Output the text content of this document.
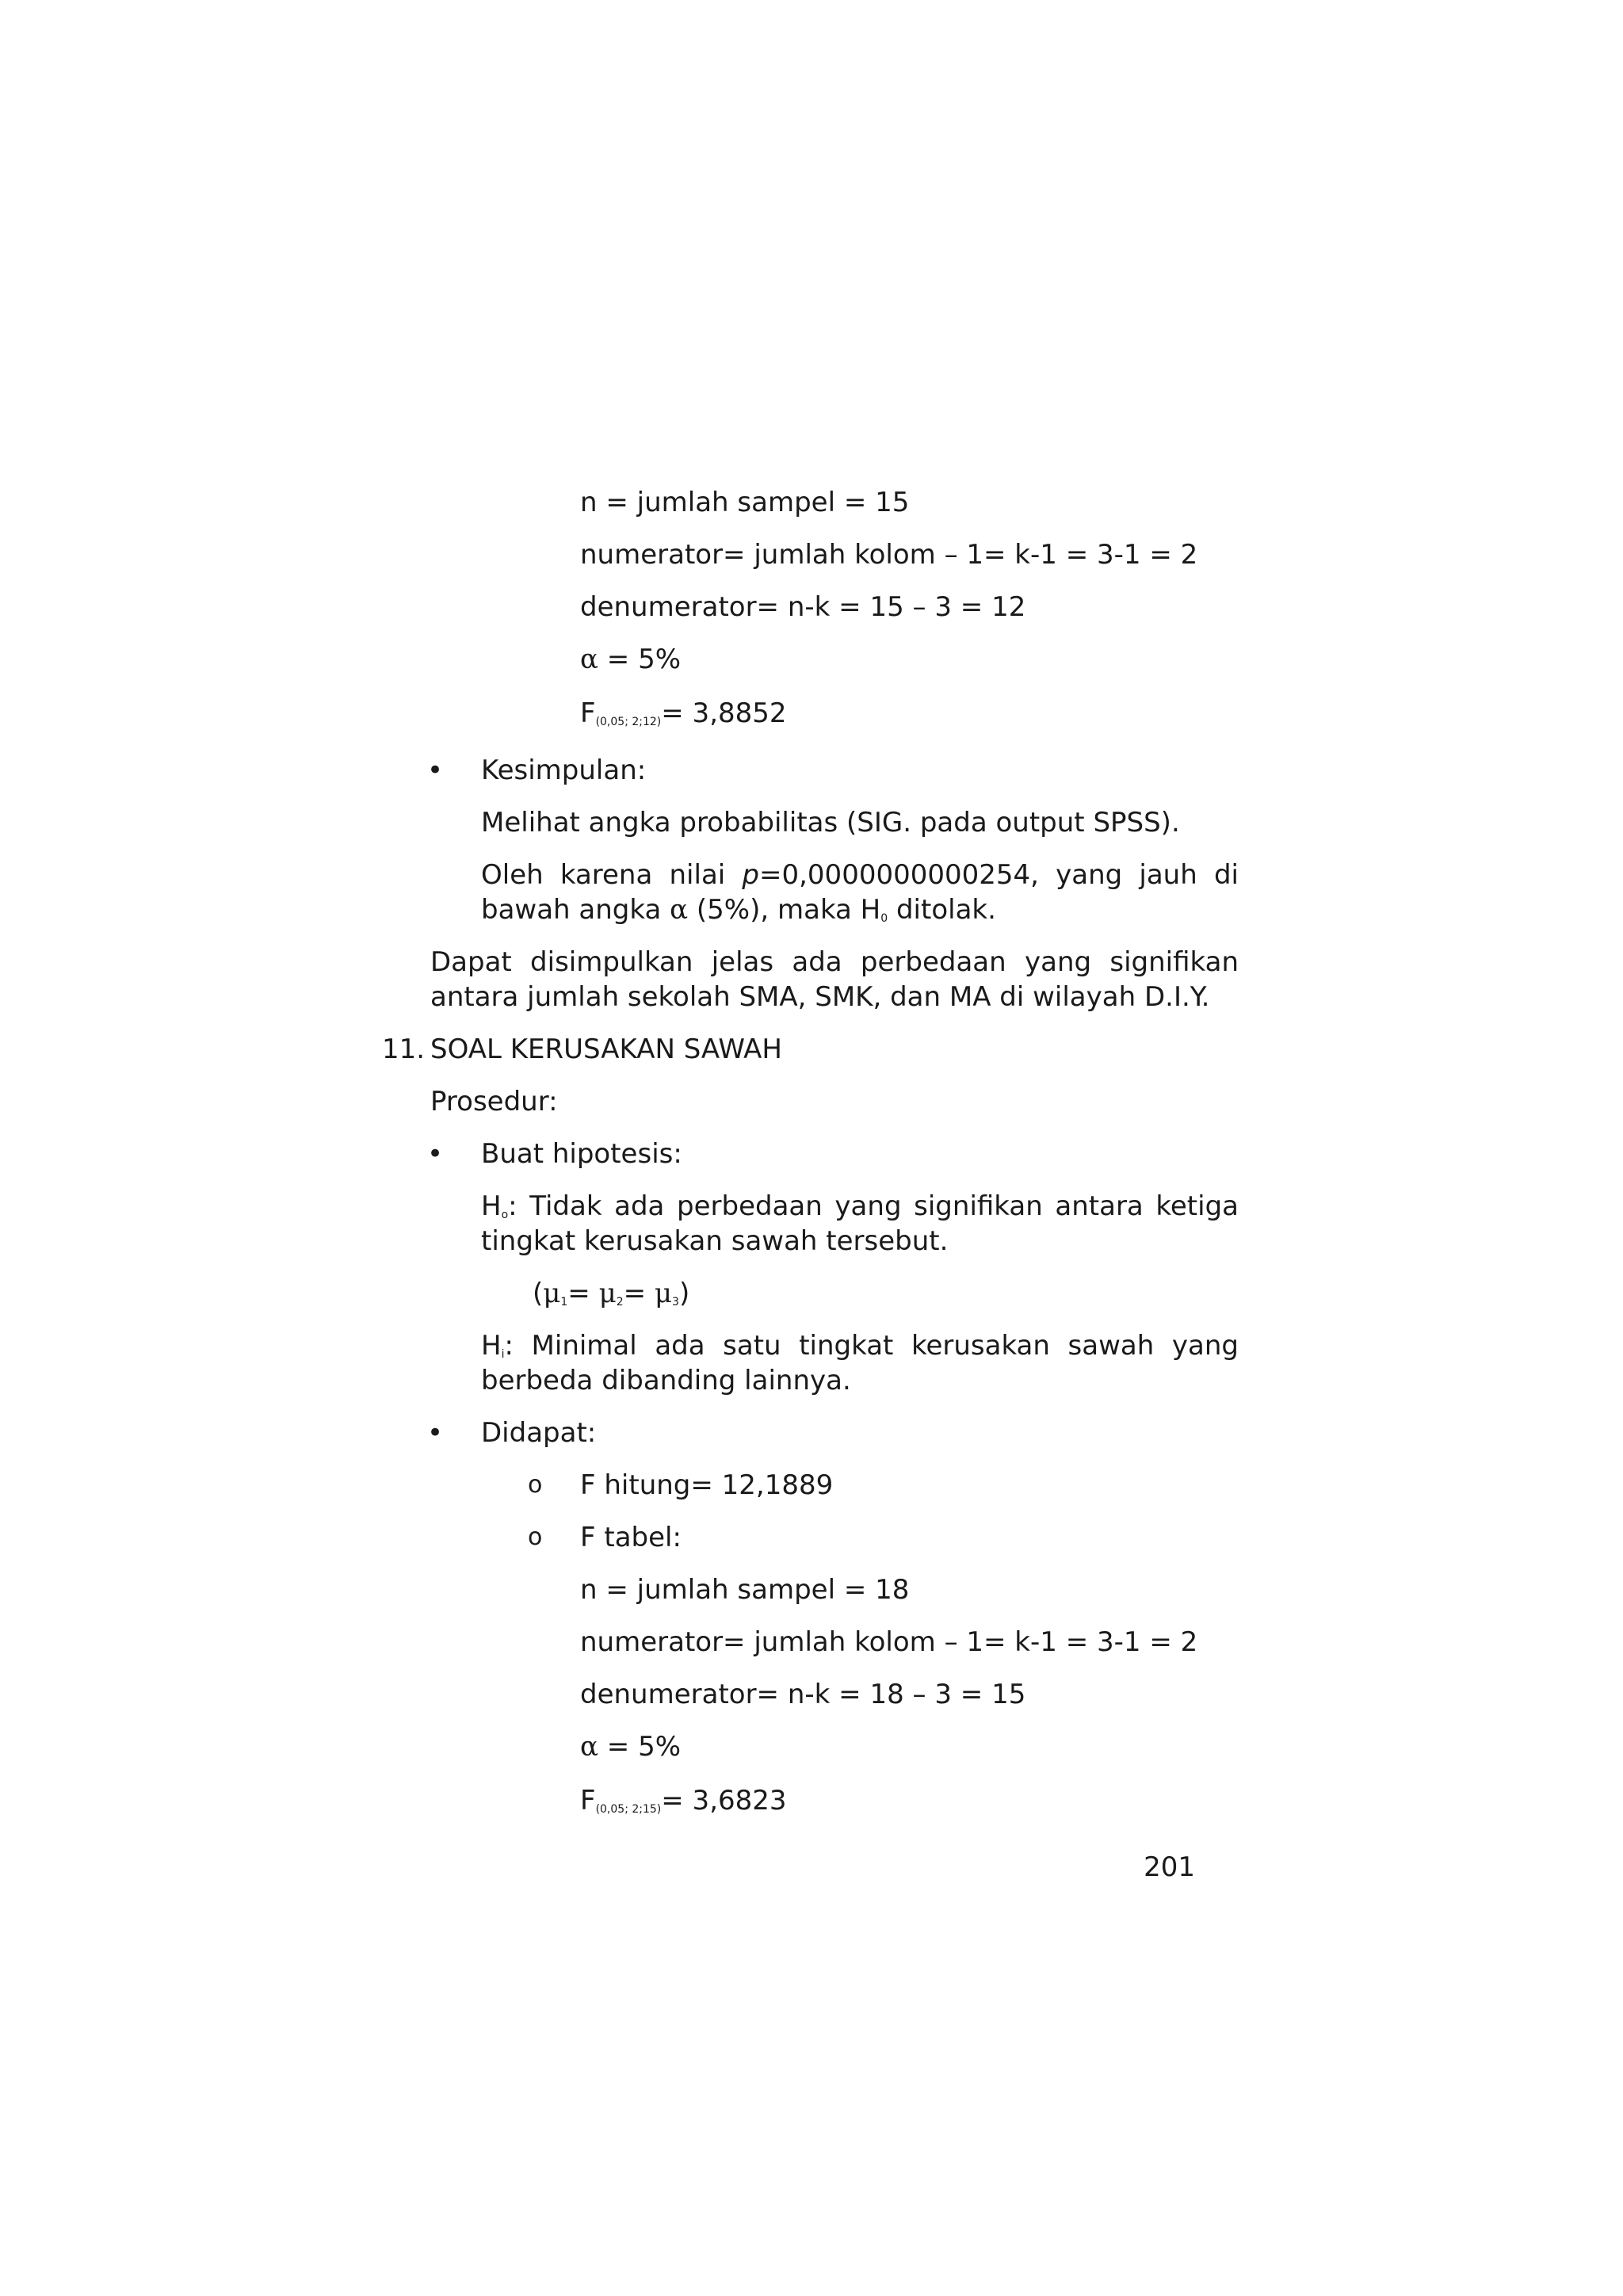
n = jumlah sampel = 15

numerator= jumlah kolom – 1= k-1 = 3-1 = 2

denumerator= n-k = 15 – 3 = 12

α = 5%

$F_{(0,05; 2;12)}= 3,8852$

• Kesimpulan:

Melihat angka probabilitas (SIG. pada output SPSS).

Oleh karena nilai p=0,0000000000254, yang jauh di bawah angka α (5%), maka $H_0$ ditolak.

Dapat disimpulkan jelas ada perbedaan yang signifikan antara jumlah sekolah SMA, SMK, dan MA di wilayah D.I.Y.

11. SOAL KERUSAKAN SAWAH

Prosedur:

• Buat hipotesis:

$H_o$: Tidak ada perbedaan yang signifikan antara ketiga tingkat kerusakan sawah tersebut.

$(\mu_1= \mu_2= \mu_3)$

$H_i$: Minimal ada satu tingkat kerusakan sawah yang berbeda dibanding lainnya.

• Didapat:

o F hitung= 12,1889

o F tabel:

n = jumlah sampel = 18

numerator= jumlah kolom – 1= k-1 = 3-1 = 2

denumerator= n-k = 18 – 3 = 15

α = 5%

$F_{(0,05; 2;15)}= 3,6823$

201
